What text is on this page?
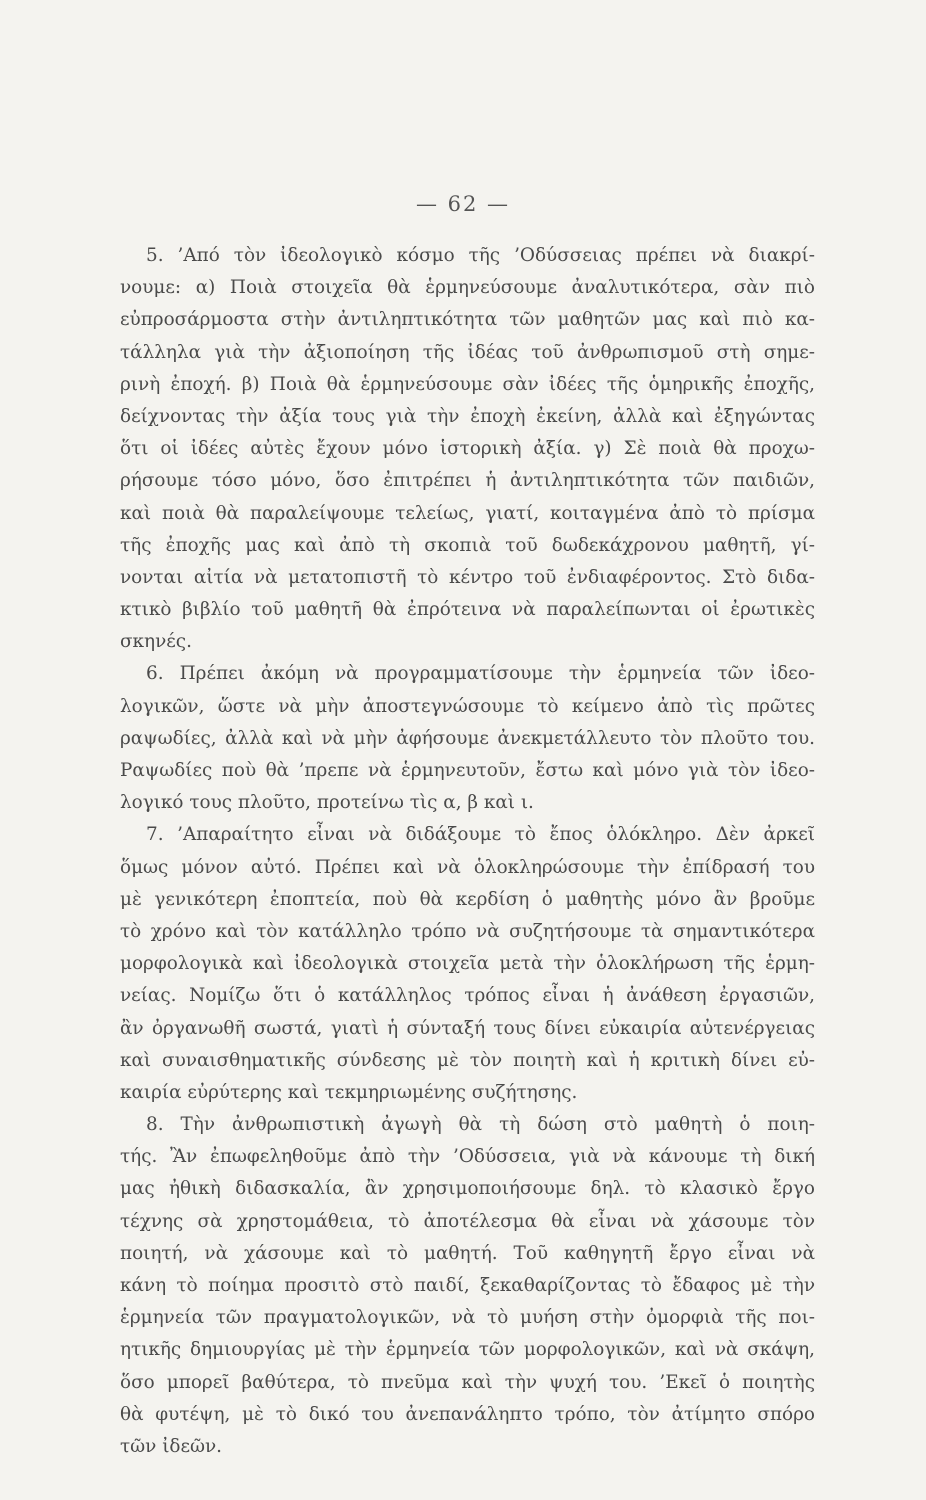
— 62 —
5. ’Από τὸν ἰδεολογικὸ κόσμο τῆς ’Οδύσσειας πρέπει νὰ διακρί-
νουμε: α) Ποιὰ στοιχεῖα θὰ ἑρμηνεύσουμε ἀναλυτικότερα, σὰν πιὸ
εὐπροσάρμοστα στὴν ἀντιληπτικότητα τῶν μαθητῶν μας καὶ πιὸ κα-
τάλληλα γιὰ τὴν ἀξιοποίηση τῆς ἰδέας τοῦ ἀνθρωπισμοῦ στὴ σημε-
ρινὴ ἐποχή. β) Ποιὰ θὰ ἑρμηνεύσουμε σὰν ἰδέες τῆς ὁμηρικῆς ἐποχῆς,
δείχνοντας τὴν ἀξία τους γιὰ τὴν ἐποχὴ ἐκείνη, ἀλλὰ καὶ ἐξηγώντας
ὅτι οἱ ἰδέες αὐτὲς ἔχουν μόνο ἱστορικὴ ἀξία. γ) Σὲ ποιὰ θὰ προχω-
ρήσουμε τόσο μόνο, ὅσο ἐπιτρέπει ἡ ἀντιληπτικότητα τῶν παιδιῶν,
καὶ ποιὰ θὰ παραλείψουμε τελείως, γιατί, κοιταγμένα ἀπὸ τὸ πρίσμα
τῆς ἐποχῆς μας καὶ ἀπὸ τὴ σκοπιὰ τοῦ δωδεκάχρονου μαθητῆ, γί-
νονται αἰτία νὰ μετατοπιστῆ τὸ κέντρο τοῦ ἐνδιαφέροντος. Στὸ διδα-
κτικὸ βιβλίο τοῦ μαθητῆ θὰ ἐπρότεινα νὰ παραλείπωνται οἱ ἐρωτικὲς
σκηνές.
6. Πρέπει ἀκόμη νὰ προγραμματίσουμε τὴν ἑρμηνεία τῶν ἰδεο-
λογικῶν, ὥστε νὰ μὴν ἀποστεγνώσουμε τὸ κείμενο ἀπὸ τὶς πρῶτες
ραψωδίες, ἀλλὰ καὶ νὰ μὴν ἀφήσουμε ἀνεκμετάλλευτο τὸν πλοῦτο του.
Ραψωδίες ποὺ θὰ ’πρεπε νὰ ἑρμηνευτοῦν, ἔστω καὶ μόνο γιὰ τὸν ἰδεο-
λογικό τους πλοῦτο, προτείνω τὶς α, β καὶ ι.
7. ’Απαραίτητο εἶναι νὰ διδάξουμε τὸ ἔπος ὁλόκληρο. Δὲν ἀρκεῖ
ὅμως μόνον αὐτό. Πρέπει καὶ νὰ ὁλοκληρώσουμε τὴν ἐπίδρασή του
μὲ γενικότερη ἐποπτεία, ποὺ θὰ κερδίση ὁ μαθητὴς μόνο ἂν βροῦμε
τὸ χρόνο καὶ τὸν κατάλληλο τρόπο νὰ συζητήσουμε τὰ σημαντικότερα
μορφολογικὰ καὶ ἰδεολογικὰ στοιχεῖα μετὰ τὴν ὁλοκλήρωση τῆς ἑρμη-
νείας. Νομίζω ὅτι ὁ κατάλληλος τρόπος εἶναι ἡ ἀνάθεση ἐργασιῶν,
ἂν ὀργανωθῆ σωστά, γιατὶ ἡ σύνταξή τους δίνει εὐκαιρία αὐτενέργειας
καὶ συναισθηματικῆς σύνδεσης μὲ τὸν ποιητὴ καὶ ἡ κριτικὴ δίνει εὐ-
καιρία εὐρύτερης καὶ τεκμηριωμένης συζήτησης.
8. Τὴν ἀνθρωπιστικὴ ἀγωγὴ θὰ τὴ δώση στὸ μαθητὴ ὁ ποιη-
τής. Ἂν ἐπωφεληθοῦμε ἀπὸ τὴν ’Οδύσσεια, γιὰ νὰ κάνουμε τὴ δική
μας ἠθικὴ διδασκαλία, ἂν χρησιμοποιήσουμε δηλ. τὸ κλασικὸ ἔργο
τέχνης σὰ χρηστομάθεια, τὸ ἀποτέλεσμα θὰ εἶναι νὰ χάσουμε τὸν
ποιητή, νὰ χάσουμε καὶ τὸ μαθητή. Τοῦ καθηγητῆ ἔργο εἶναι νὰ
κάνη τὸ ποίημα προσιτὸ στὸ παιδί, ξεκαθαρίζοντας τὸ ἔδαφος μὲ τὴν
ἑρμηνεία τῶν πραγματολογικῶν, νὰ τὸ μυήση στὴν ὀμορφιὰ τῆς ποι-
ητικῆς δημιουργίας μὲ τὴν ἑρμηνεία τῶν μορφολογικῶν, καὶ νὰ σκάψη,
ὅσο μπορεῖ βαθύτερα, τὸ πνεῦμα καὶ τὴν ψυχή του. ’Εκεῖ ὁ ποιητὴς
θὰ φυτέψη, μὲ τὸ δικό του ἀνεπανάληπτο τρόπο, τὸν ἀτίμητο σπόρο
τῶν ἰδεῶν.
